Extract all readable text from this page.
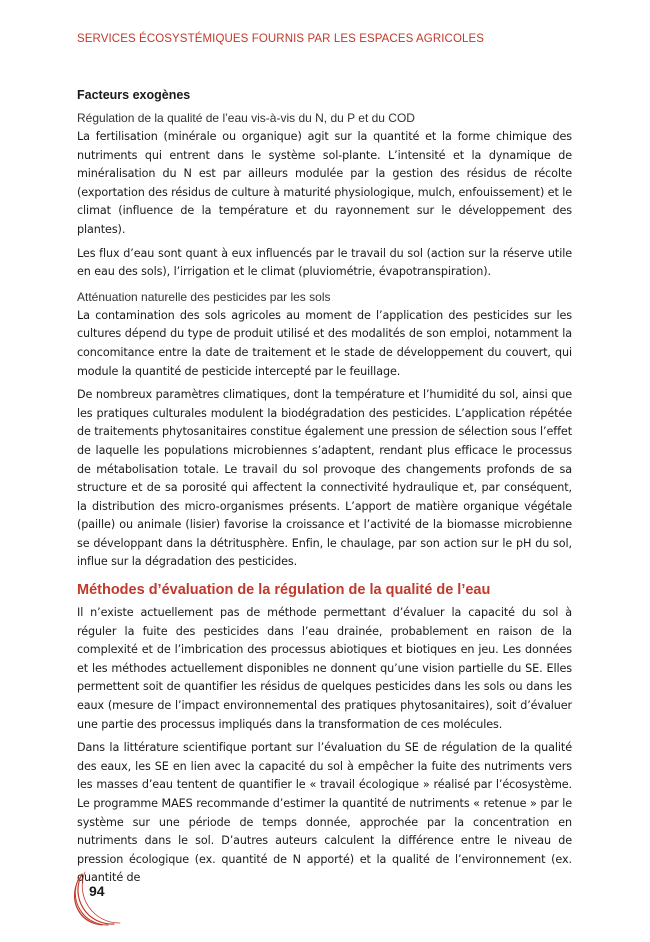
SERVICES ÉCOSYSTÉMIQUES FOURNIS PAR LES ESPACES AGRICOLES
Facteurs exogènes
Régulation de la qualité de l’eau vis-à-vis du N, du P et du COD

La fertilisation (minérale ou organique) agit sur la quantité et la forme chimique des nutriments qui entrent dans le système sol-plante. L’intensité et la dynamique de minéralisation du N est par ailleurs modulée par la gestion des résidus de récolte (exportation des résidus de culture à maturité physiologique, mulch, enfouissement) et le climat (influence de la température et du rayonnement sur le développement des plantes).

Les flux d’eau sont quant à eux influencés par le travail du sol (action sur la réserve utile en eau des sols), l’irrigation et le climat (pluviométrie, évapotranspiration).

Atténuation naturelle des pesticides par les sols

La contamination des sols agricoles au moment de l’application des pesticides sur les cultures dépend du type de produit utilisé et des modalités de son emploi, notamment la concomitance entre la date de traitement et le stade de développement du couvert, qui module la quantité de pesticide intercepté par le feuillage.

De nombreux paramètres climatiques, dont la température et l’humidité du sol, ainsi que les pratiques culturales modulent la biodégradation des pesticides. L’application répétée de traitements phytosanitaires constitue également une pression de sélection sous l’effet de laquelle les populations microbiennes s’adaptent, rendant plus efficace le processus de métabolisation totale. Le travail du sol provoque des changements profonds de sa structure et de sa porosité qui affectent la connectivité hydraulique et, par conséquent, la distribution des micro-organismes présents. L’apport de matière organique végétale (paille) ou animale (lisier) favorise la croissance et l’activité de la biomasse microbienne se développant dans la détritusphère. Enfin, le chaulage, par son action sur le pH du sol, influe sur la dégradation des pesticides.

Méthodes d’évaluation de la régulation de la qualité de l’eau

Il n’existe actuellement pas de méthode permettant d’évaluer la capacité du sol à réguler la fuite des pesticides dans l’eau drainée, probablement en raison de la complexité et de l’imbrication des processus abiotiques et biotiques en jeu. Les données et les méthodes actuellement disponibles ne donnent qu’une vision partielle du SE. Elles permettent soit de quantifier les résidus de quelques pesticides dans les sols ou dans les eaux (mesure de l’impact environnemental des pratiques phytosanitaires), soit d’évaluer une partie des processus impliqués dans la transformation de ces molécules.

Dans la littérature scientifique portant sur l’évaluation du SE de régulation de la qualité des eaux, les SE en lien avec la capacité du sol à empêcher la fuite des nutriments vers les masses d’eau tentent de quantifier le « travail écologique » réalisé par l’écosystème. Le programme MAES recommande d’estimer la quantité de nutriments « retenue » par le système sur une période de temps donnée, approchée par la concentration en nutriments dans le sol. D’autres auteurs calculent la différence entre le niveau de pression écologique (ex. quantité de N apporté) et la qualité de l’environnement (ex. quantité de

94
